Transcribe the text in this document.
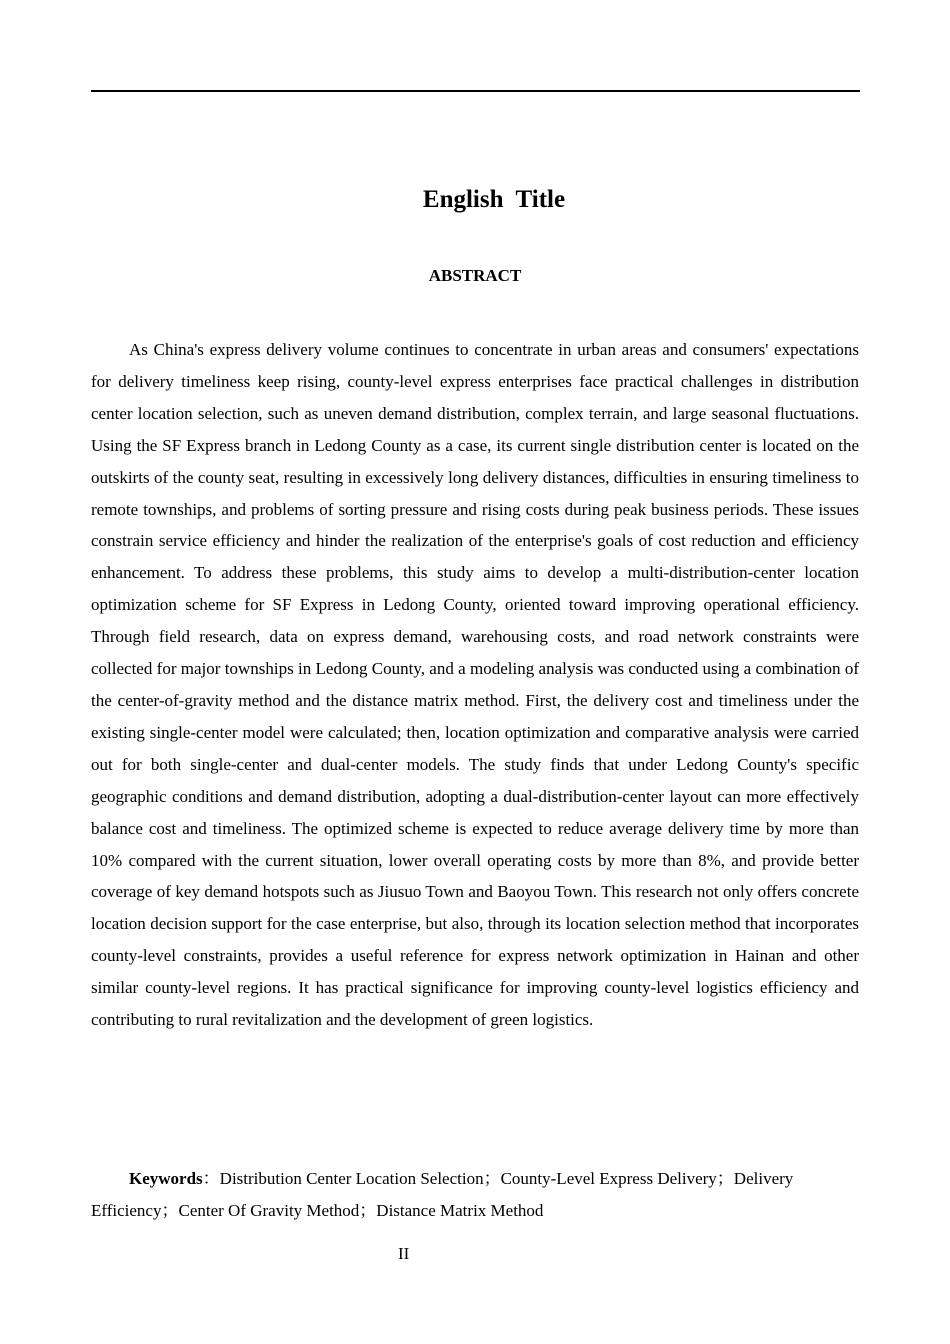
English  Title
ABSTRACT

As China's express delivery volume continues to concentrate in urban areas and consumers' expectations for delivery timeliness keep rising, county-level express enterprises face practical challenges in distribution center location selection, such as uneven demand distribution, complex terrain, and large seasonal fluctuations. Using the SF Express branch in Ledong County as a case, its current single distribution center is located on the outskirts of the county seat, resulting in excessively long delivery distances, difficulties in ensuring timeliness to remote townships, and problems of sorting pressure and rising costs during peak business periods. These issues constrain service efficiency and hinder the realization of the enterprise's goals of cost reduction and efficiency enhancement. To address these problems, this study aims to develop a multi-distribution-center location optimization scheme for SF Express in Ledong County, oriented toward improving operational efficiency. Through field research, data on express demand, warehousing costs, and road network constraints were collected for major townships in Ledong County, and a modeling analysis was conducted using a combination of the center-of-gravity method and the distance matrix method. First, the delivery cost and timeliness under the existing single-center model were calculated; then, location optimization and comparative analysis were carried out for both single-center and dual-center models. The study finds that under Ledong County's specific geographic conditions and demand distribution, adopting a dual-distribution-center layout can more effectively balance cost and timeliness. The optimized scheme is expected to reduce average delivery time by more than 10% compared with the current situation, lower overall operating costs by more than 8%, and provide better coverage of key demand hotspots such as Jiusuo Town and Baoyou Town. This research not only offers concrete location decision support for the case enterprise, but also, through its location selection method that incorporates county-level constraints, provides a useful reference for express network optimization in Hainan and other similar county-level regions. It has practical significance for improving county-level logistics efficiency and contributing to rural revitalization and the development of green logistics.

Keywords：Distribution Center Location Selection；County-Level Express Delivery；Delivery Efficiency；Center Of Gravity Method；Distance Matrix Method

II
